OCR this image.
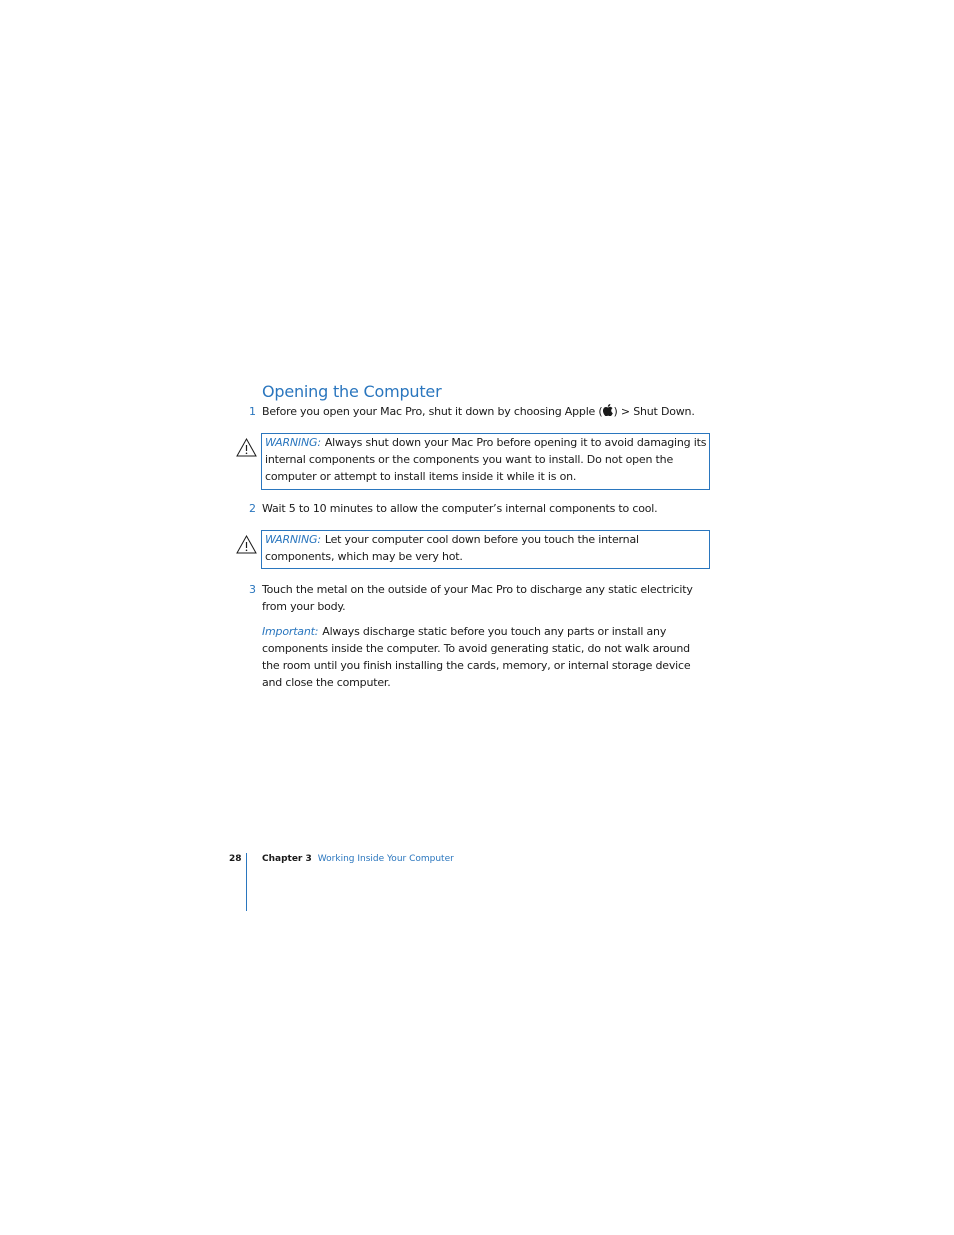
Opening the Computer
1 Before you open your Mac Pro, shut it down by choosing Apple ( ) > Shut Down.
WARNING: Always shut down your Mac Pro before opening it to avoid damaging its internal components or the components you want to install. Do not open the computer or attempt to install items inside it while it is on.
2 Wait 5 to 10 minutes to allow the computer’s internal components to cool.
WARNING: Let your computer cool down before you touch the internal components, which may be very hot.
3 Touch the metal on the outside of your Mac Pro to discharge any static electricity from your body.
Important: Always discharge static before you touch any parts or install any components inside the computer. To avoid generating static, do not walk around the room until you finish installing the cards, memory, or internal storage device and close the computer.
28 Chapter 3 Working Inside Your Computer
